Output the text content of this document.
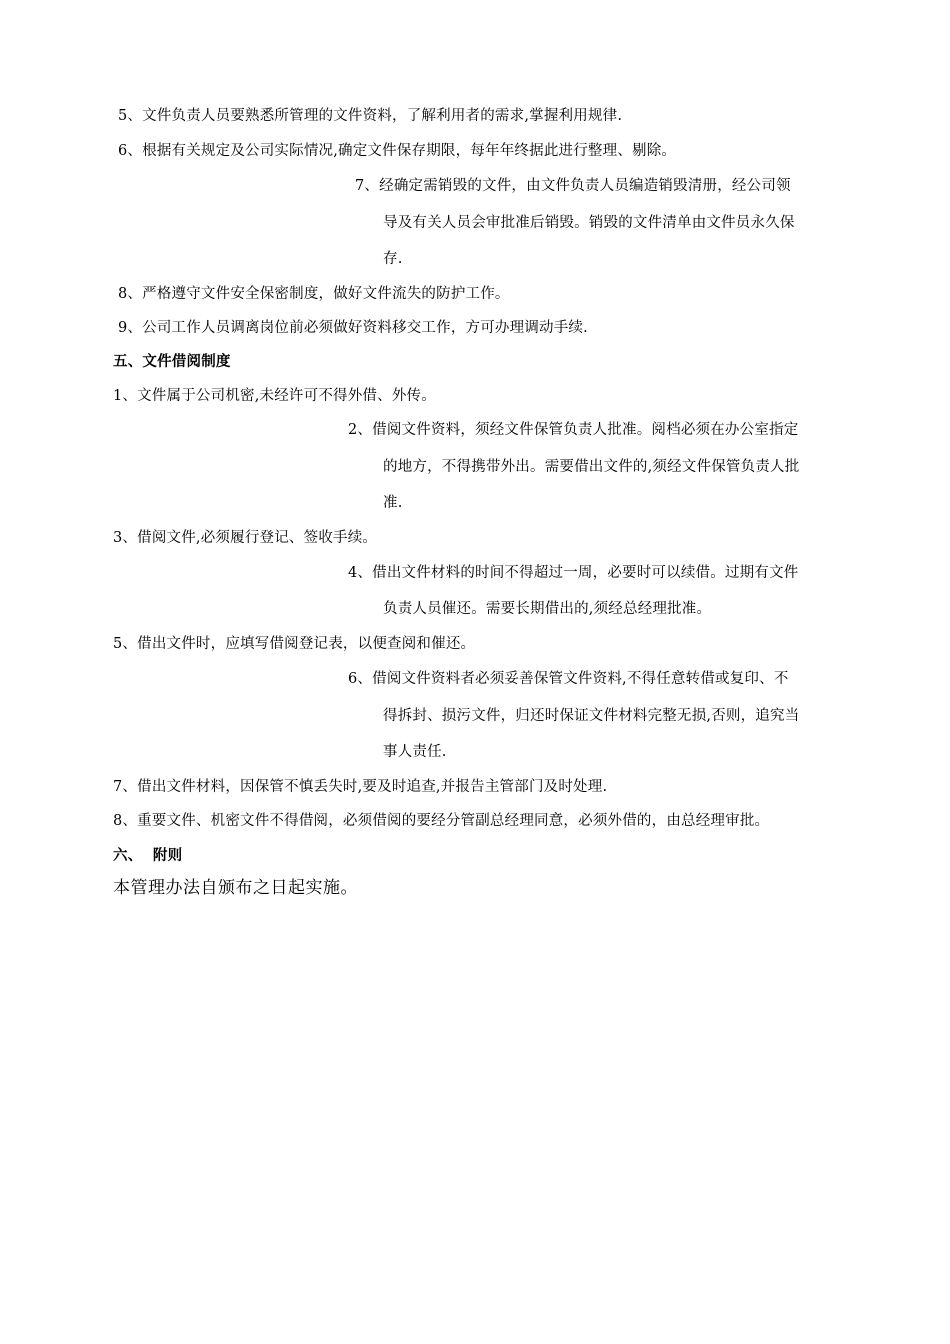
5、文件负责人员要熟悉所管理的文件资料，了解利用者的需求,掌握利用规律.
6、根据有关规定及公司实际情况,确定文件保存期限，每年年终据此进行整理、剔除。
7、经确定需销毁的文件，由文件负责人员编造销毁清册，经公司领
导及有关人员会审批准后销毁。销毁的文件清单由文件员永久保
存.
8、严格遵守文件安全保密制度，做好文件流失的防护工作。
9、公司工作人员调离岗位前必须做好资料移交工作，方可办理调动手续.
五、文件借阅制度
1、文件属于公司机密,未经许可不得外借、外传。
2、借阅文件资料，须经文件保管负责人批准。阅档必须在办公室指定
的地方，不得携带外出。需要借出文件的,须经文件保管负责人批
准.
3、借阅文件,必须履行登记、签收手续。
4、借出文件材料的时间不得超过一周，必要时可以续借。过期有文件
负责人员催还。需要长期借出的,须经总经理批准。
5、借出文件时，应填写借阅登记表，以便查阅和催还。
6、借阅文件资料者必须妥善保管文件资料,不得任意转借或复印、不
得拆封、损污文件，归还时保证文件材料完整无损,否则，追究当
事人责任.
7、借出文件材料，因保管不慎丢失时,要及时追查,并报告主管部门及时处理.
8、重要文件、机密文件不得借阅，必须借阅的要经分管副总经理同意，必须外借的，由总经理审批。
六、  附则
本管理办法自颁布之日起实施。
